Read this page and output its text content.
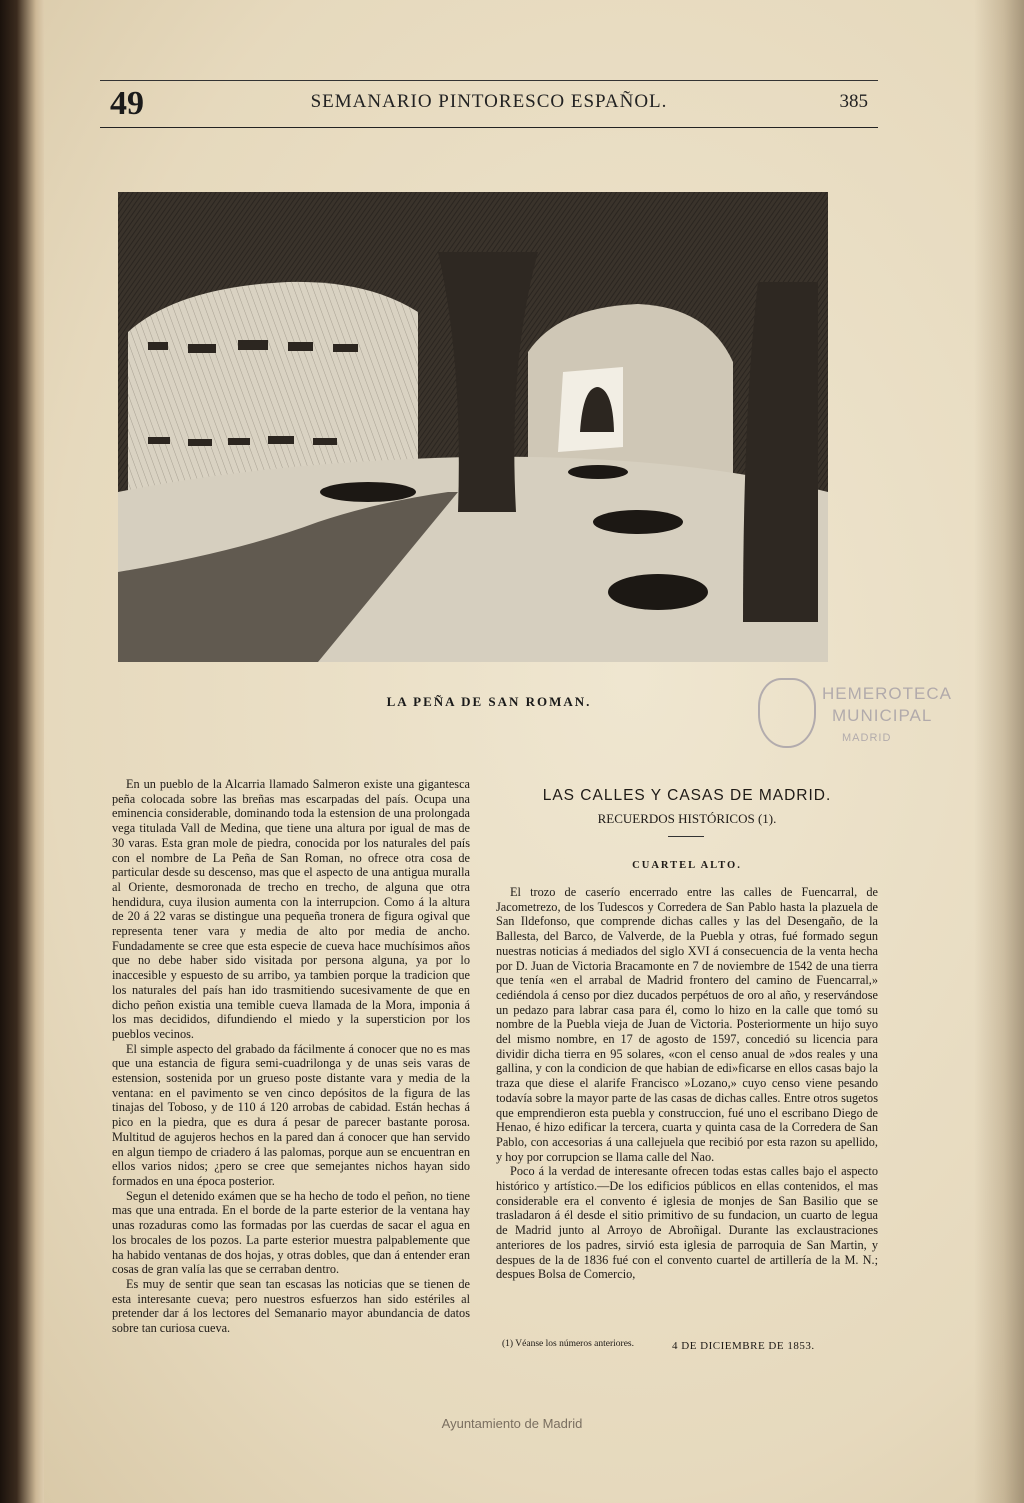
49	SEMANARIO PINTORESCO ESPAÑOL.	385
LA PEÑA DE SAN ROMAN.	HEMEROTECA
MUNICIPAL
MADRID

En un pueblo de la Alcarria llamado Salmeron existe una gigantesca peña colocada sobre las breñas mas escarpadas del país. Ocupa una eminencia considerable, dominando toda la estension de una prolongada vega titulada Vall de Medina, que tiene una altura por igual de mas de 30 varas. Esta gran mole de piedra, conocida por los naturales del país con el nombre de La Peña de San Roman, no ofrece otra cosa de particular desde su descenso, mas que el aspecto de una antigua muralla al Oriente, desmoronada de trecho en trecho, de alguna que otra hendidura, cuya ilusion aumenta con la interrupcion. Como á la altura de 20 á 22 varas se distingue una pequeña tronera de figura ogival que representa tener vara y media de alto por media de ancho. Fundadamente se cree que esta especie de cueva hace muchísimos años que no debe haber sido visitada por persona alguna, ya por lo inaccesible y espuesto de su arribo, ya tambien porque la tradicion que los naturales del país han ido trasmitiendo sucesivamente de que en dicho peñon existia una temible cueva llamada de la Mora, imponia á los mas decididos, difundiendo el miedo y la supersticion por los pueblos vecinos.

El simple aspecto del grabado da fácilmente á conocer que no es mas que una estancia de figura semi-cuadrilonga y de unas seis varas de estension, sostenida por un grueso poste distante vara y media de la ventana: en el pavimento se ven cinco depósitos de la figura de las tinajas del Toboso, y de 110 á 120 arrobas de cabidad. Están hechas á pico en la piedra, que es dura á pesar de parecer bastante porosa. Multitud de agujeros hechos en la pared dan á conocer que han servido en algun tiempo de criadero á las palomas, porque aun se encuentran en ellos varios nidos; ¿pero se cree que semejantes nichos hayan sido formados en una época posterior.

Segun el detenido exámen que se ha hecho de todo el peñon, no tiene mas que una entrada. En el borde de la parte esterior de la ventana hay unas rozaduras como las formadas por las cuerdas de sacar el agua en los brocales de los pozos. La parte esterior muestra palpablemente que ha habido ventanas de dos hojas, y otras dobles, que dan á entender eran cosas de gran valía las que se cerraban dentro.

Es muy de sentir que sean tan escasas las noticias que se tienen de esta interesante cueva; pero nuestros esfuerzos han sido estériles al pretender dar á los lectores del Semanario mayor abundancia de datos sobre tan curiosa cueva.

LAS CALLES Y CASAS DE MADRID.
RECUERDOS HISTÓRICOS (1).
CUARTEL ALTO.

El trozo de caserío encerrado entre las calles de Fuencarral, de Jacometrezo, de los Tudescos y Corredera de San Pablo hasta la plazuela de San Ildefonso, que comprende dichas calles y las del Desengaño, de la Ballesta, del Barco, de Valverde, de la Puebla y otras, fué formado segun nuestras noticias á mediados del siglo XVI á consecuencia de la venta hecha por D. Juan de Victoria Bracamonte en 7 de noviembre de 1542 de una tierra que tenía «en el arrabal de Madrid frontero del camino de Fuencarral,» cediéndola á censo por diez ducados perpétuos de oro al año, y reservándose un pedazo para labrar casa para él, como lo hizo en la calle que tomó su nombre de la Puebla vieja de Juan de Victoria. Posteriormente un hijo suyo del mismo nombre, en 17 de agosto de 1597, concedió su licencia para dividir dicha tierra en 95 solares, «con el censo anual de »dos reales y una gallina, y con la condicion de que habian de edi»ficarse en ellos casas bajo la traza que diese el alarife Francisco »Lozano,» cuyo censo viene pesando todavía sobre la mayor parte de las casas de dichas calles. Entre otros sugetos que emprendieron esta puebla y construccion, fué uno el escribano Diego de Henao, é hizo edificar la tercera, cuarta y quinta casa de la Corredera de San Pablo, con accesorias á una callejuela que recibió por esta razon su apellido, y hoy por corrupcion se llama calle del Nao.

Poco á la verdad de interesante ofrecen todas estas calles bajo el aspecto histórico y artístico.—De los edificios públicos en ellas contenidos, el mas considerable era el convento é iglesia de monjes de San Basilio que se trasladaron á él desde el sitio primitivo de su fundacion, un cuarto de legua de Madrid junto al Arroyo de Abroñigal. Durante las exclaustraciones anteriores de los padres, sirvió esta iglesia de parroquia de San Martin, y despues de la de 1836 fué con el convento cuartel de artillería de la M. N.; despues Bolsa de Comercio,

(1) Véanse los números anteriores.	4 DE DICIEMBRE DE 1853.
Ayuntamiento de Madrid
